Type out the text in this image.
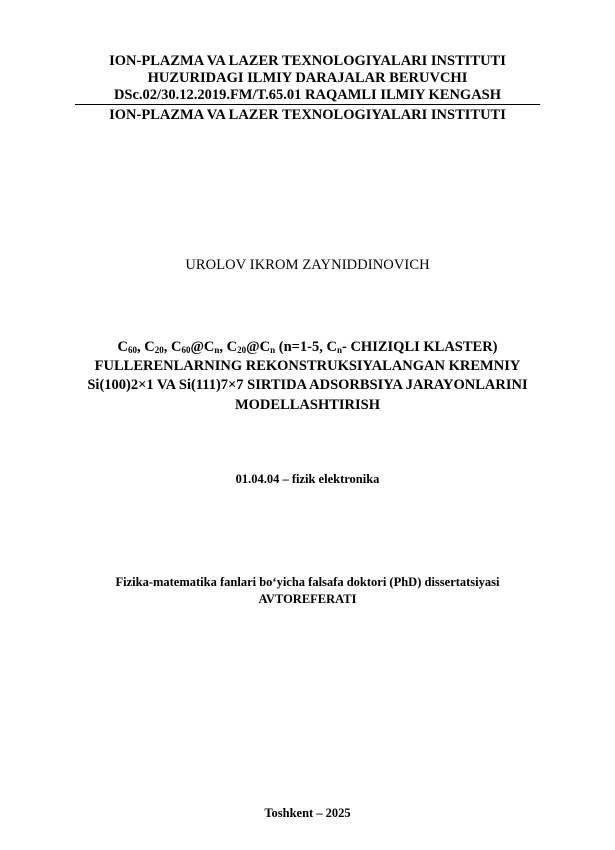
ION-PLAZMA VA LAZER TEXNOLOGIYALARI INSTITUTI
HUZURIDAGI ILMIY DARAJALAR BERUVCHI
DSc.02/30.12.2019.FM/T.65.01 RAQAMLI ILMIY KENGASH
ION-PLAZMA VA LAZER TEXNOLOGIYALARI INSTITUTI
UROLOV IKROM ZAYNIDDINOVICH
$C_{60}$, $C_{20}$, $C_{60}@C_n$, $C_{20}@C_n$ (n=1-5, $C_n-$ CHIZIQLI KLASTER)
FULLERENLARNING REKONSTRUKSIYALANGAN KREMNIY
Si(100)2×1 VA Si(111)7×7 SIRTIDA ADSORBSIYA JARAYONLARINI
MODELLASHTIRISH
01.04.04 – fizik elektronika
Fizika-matematika fanlari bo‘yicha falsafa doktori (PhD) dissertatsiyasi
AVTOREFERATI
Toshkent – 2025
